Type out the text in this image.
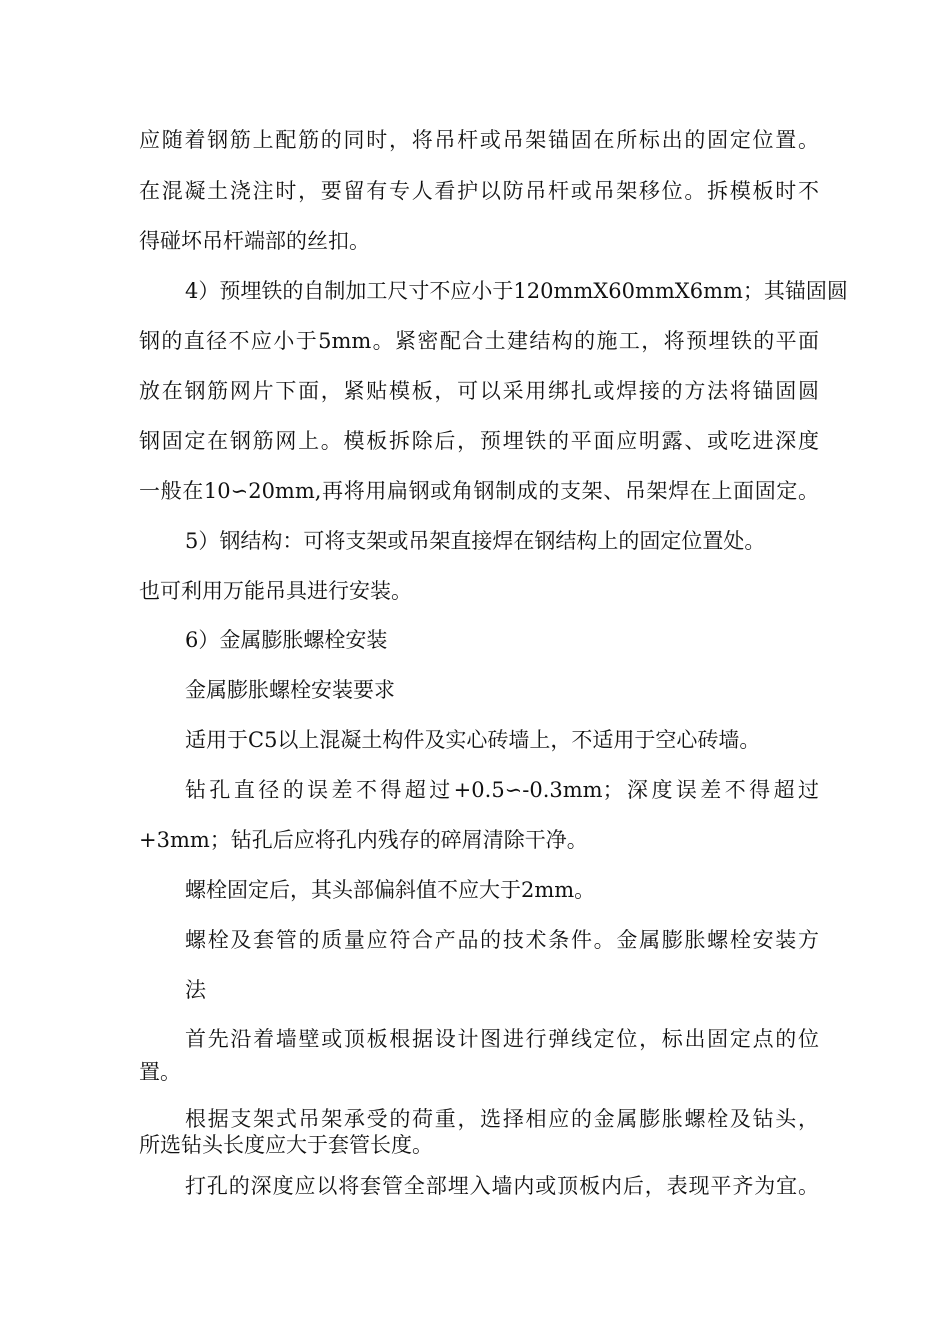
应随着钢筋上配筋的同时，将吊杆或吊架锚固在所标出的固定位置。
在混凝土浇注时，要留有专人看护以防吊杆或吊架移位。拆模板时不
得碰坏吊杆端部的丝扣。
4）预埋铁的自制加工尺寸不应小于120mmX60mmX6mm；其锚固圆
钢的直径不应小于5mm。紧密配合土建结构的施工，将预埋铁的平面
放在钢筋网片下面，紧贴模板，可以采用绑扎或焊接的方法将锚固圆
钢固定在钢筋网上。模板拆除后，预埋铁的平面应明露、或吃进深度
一般在10∽20mm,再将用扁钢或角钢制成的支架、吊架焊在上面固定。
5）钢结构：可将支架或吊架直接焊在钢结构上的固定位置处。
也可利用万能吊具进行安装。
6）金属膨胀螺栓安装
金属膨胀螺栓安装要求
适用于C5以上混凝土构件及实心砖墙上，不适用于空心砖墙。
钻孔直径的误差不得超过+0.5∽-0.3mm；深度误差不得超过
+3mm；钻孔后应将孔内残存的碎屑清除干净。
螺栓固定后，其头部偏斜值不应大于2mm。
螺栓及套管的质量应符合产品的技术条件。金属膨胀螺栓安装方
法
首先沿着墙壁或顶板根据设计图进行弹线定位，标出固定点的位
置。
根据支架式吊架承受的荷重，选择相应的金属膨胀螺栓及钻头，
所选钻头长度应大于套管长度。
打孔的深度应以将套管全部埋入墙内或顶板内后，表现平齐为宜。
